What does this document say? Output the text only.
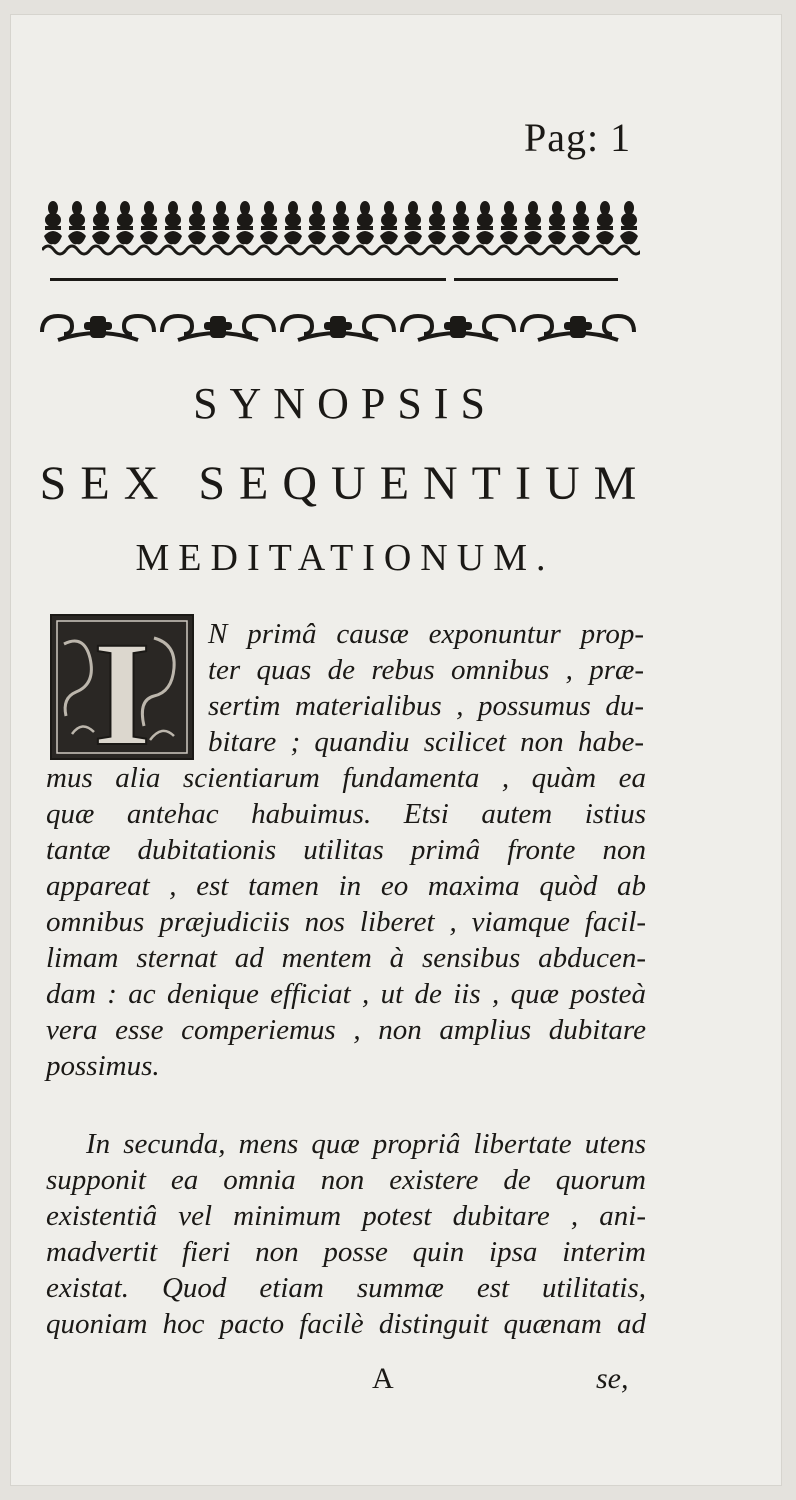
Pag: 1
SYNOPSIS
SEX SEQUENTIUM
MEDITATIONUM.
I N primâ causæ exponuntur prop-
ter quas de rebus omnibus , præ-
sertim materialibus , possumus du-
bitare ; quandiu scilicet non habe-
mus alia scientiarum fundamenta , quàm ea
quæ antehac habuimus. Etsi autem istius
tantæ dubitationis utilitas primâ fronte non
appareat , est tamen in eo maxima quòd ab
omnibus præjudiciis nos liberet , viamque facil-
limam sternat ad mentem à sensibus abducen-
dam : ac denique efficiat , ut de iis , quæ posteà
vera esse comperiemus , non amplius dubitare
possimus.
In secunda, mens quæ propriâ libertate utens
supponit ea omnia non existere de quorum
existentiâ vel minimum potest dubitare , ani-
madvertit fieri non posse quin ipsa interim
existat. Quod etiam summæ est utilitatis,
quoniam hoc pacto facilè distinguit quænam ad
A	se,
